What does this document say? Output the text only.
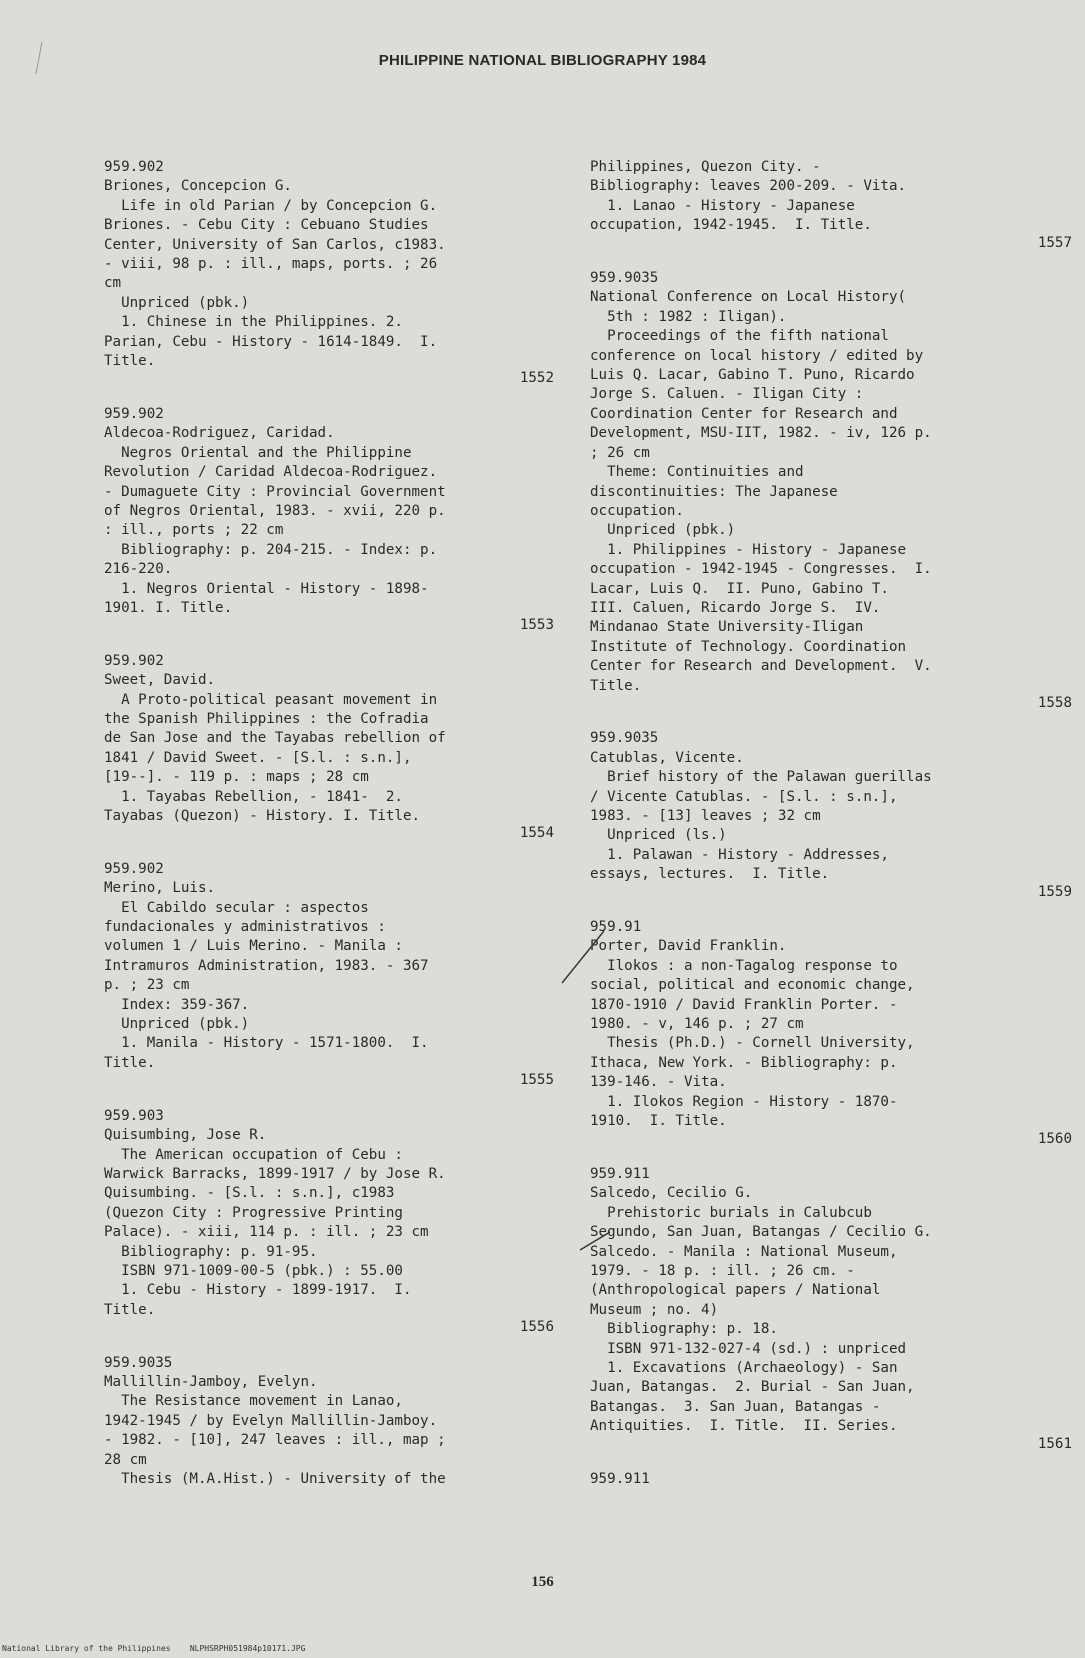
PHILIPPINE NATIONAL BIBLIOGRAPHY 1984
959.902
Briones, Concepcion G.
Life in old Parian / by Concepcion G.
Briones. - Cebu City : Cebuano Studies
Center, University of San Carlos, c1983.
- viii, 98 p. : ill., maps, ports. ; 26
cm
Unpriced (pbk.)
1. Chinese in the Philippines. 2.
Parian, Cebu - History - 1614-1849.  I.
Title.
1552
959.902
Aldecoa-Rodriguez, Caridad.
Negros Oriental and the Philippine
Revolution / Caridad Aldecoa-Rodriguez.
- Dumaguete City : Provincial Government
of Negros Oriental, 1983. - xvii, 220 p.
: ill., ports ; 22 cm
Bibliography: p. 204-215. - Index: p.
216-220.
1. Negros Oriental - History - 1898-
1901. I. Title.
1553
959.902
Sweet, David.
A Proto-political peasant movement in
the Spanish Philippines : the Cofradia
de San Jose and the Tayabas rebellion of
1841 / David Sweet. - [S.l. : s.n.],
[19--]. - 119 p. : maps ; 28 cm
1. Tayabas Rebellion, - 1841-  2.
Tayabas (Quezon) - History. I. Title.
1554
959.902
Merino, Luis.
El Cabildo secular : aspectos
fundacionales y administrativos :
volumen 1 / Luis Merino. - Manila :
Intramuros Administration, 1983. - 367
p. ; 23 cm
Index: 359-367.
Unpriced (pbk.)
1. Manila - History - 1571-1800.  I.
Title.
1555
959.903
Quisumbing, Jose R.
The American occupation of Cebu :
Warwick Barracks, 1899-1917 / by Jose R.
Quisumbing. - [S.l. : s.n.], c1983
(Quezon City : Progressive Printing
Palace). - xiii, 114 p. : ill. ; 23 cm
Bibliography: p. 91-95.
ISBN 971-1009-00-5 (pbk.) : 55.00
1. Cebu - History - 1899-1917.  I.
Title.
1556
959.9035
Mallillin-Jamboy, Evelyn.
The Resistance movement in Lanao,
1942-1945 / by Evelyn Mallillin-Jamboy.
- 1982. - [10], 247 leaves : ill., map ;
28 cm
Thesis (M.A.Hist.) - University of the
Philippines, Quezon City. -
Bibliography: leaves 200-209. - Vita.
1. Lanao - History - Japanese
occupation, 1942-1945.  I. Title.
1557
959.9035
National Conference on Local History(
5th : 1982 : Iligan).
Proceedings of the fifth national
conference on local history / edited by
Luis Q. Lacar, Gabino T. Puno, Ricardo
Jorge S. Caluen. - Iligan City :
Coordination Center for Research and
Development, MSU-IIT, 1982. - iv, 126 p.
; 26 cm
Theme: Continuities and
discontinuities: The Japanese
occupation.
Unpriced (pbk.)
1. Philippines - History - Japanese
occupation - 1942-1945 - Congresses.  I.
Lacar, Luis Q.  II. Puno, Gabino T.
III. Caluen, Ricardo Jorge S.  IV.
Mindanao State University-Iligan
Institute of Technology. Coordination
Center for Research and Development.  V.
Title.
1558
959.9035
Catublas, Vicente.
Brief history of the Palawan guerillas
/ Vicente Catublas. - [S.l. : s.n.],
1983. - [13] leaves ; 32 cm
Unpriced (ls.)
1. Palawan - History - Addresses,
essays, lectures.  I. Title.
1559
959.91
Porter, David Franklin.
Ilokos : a non-Tagalog response to
social, political and economic change,
1870-1910 / David Franklin Porter. -
1980. - v, 146 p. ; 27 cm
Thesis (Ph.D.) - Cornell University,
Ithaca, New York. - Bibliography: p.
139-146. - Vita.
1. Ilokos Region - History - 1870-
1910.  I. Title.
1560
959.911
Salcedo, Cecilio G.
Prehistoric burials in Calubcub
Segundo, San Juan, Batangas / Cecilio G.
Salcedo. - Manila : National Museum,
1979. - 18 p. : ill. ; 26 cm. -
(Anthropological papers / National
Museum ; no. 4)
Bibliography: p. 18.
ISBN 971-132-027-4 (sd.) : unpriced
1. Excavations (Archaeology) - San
Juan, Batangas.  2. Burial - San Juan,
Batangas.  3. San Juan, Batangas -
Antiquities.  I. Title.  II. Series.
1561
959.911
156
National Library of the Philippines    NLPHSRPH051984p10171.JPG
